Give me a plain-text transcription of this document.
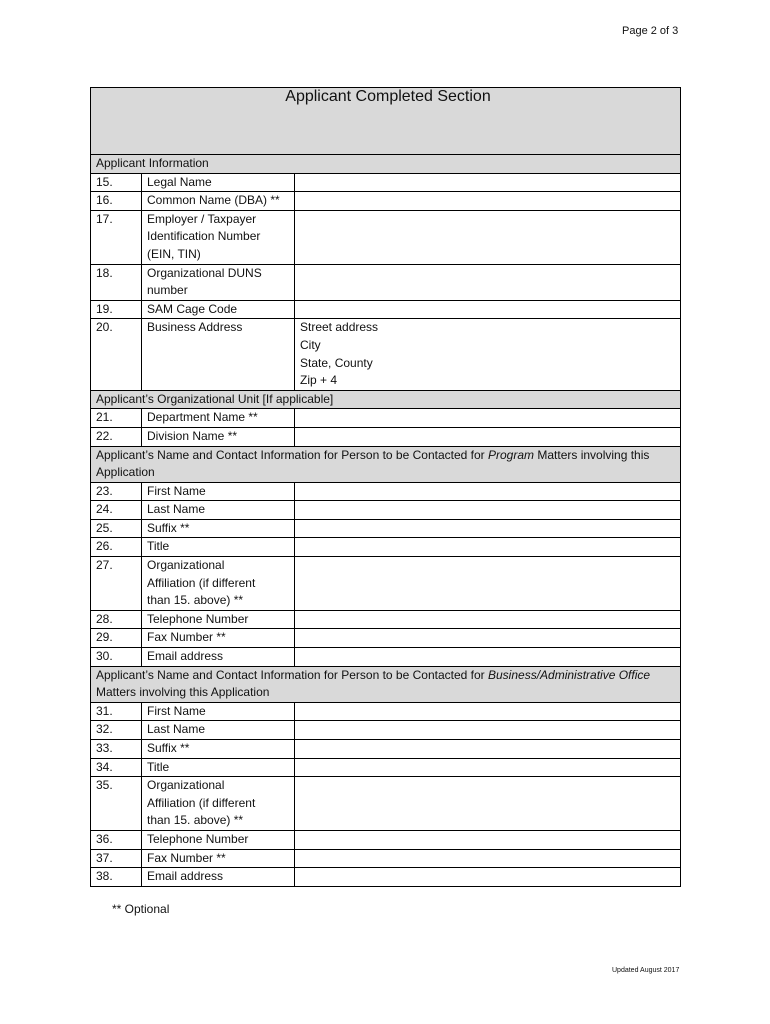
Page 2 of 3
Applicant Completed Section		
Applicant Information		
15.	Legal Name	
16.	Common Name (DBA) **	
17.	Employer / Taxpayer
Identification Number
(EIN, TIN)	

18.	Organizational DUNS
number	

19.	SAM Cage Code	
20.	Business Address	Street address
City
State, County
Zip + 4

Applicant’s Organizational Unit [If applicable]		
21.	Department Name **	
22.	Division Name **	
Applicant’s Name and Contact Information for Person to be Contacted for Program Matters involving this Application		
23.	First Name	
24.	Last Name	
25.	Suffix **	
26.	Title	
27.	Organizational
Affiliation (if different
than 15. above) **	

28.	Telephone Number	
29.	Fax Number **	
30.	Email address	
Applicant’s Name and Contact Information for Person to be Contacted for Business/Administrative Office Matters involving this Application		
31.	First Name	
32.	Last Name	
33.	Suffix **	
34.	Title	
35.	Organizational
Affiliation (if different
than 15. above) **	

36.	Telephone Number	
37.	Fax Number **	
38.	Email address	
** Optional
Updated August 2017
